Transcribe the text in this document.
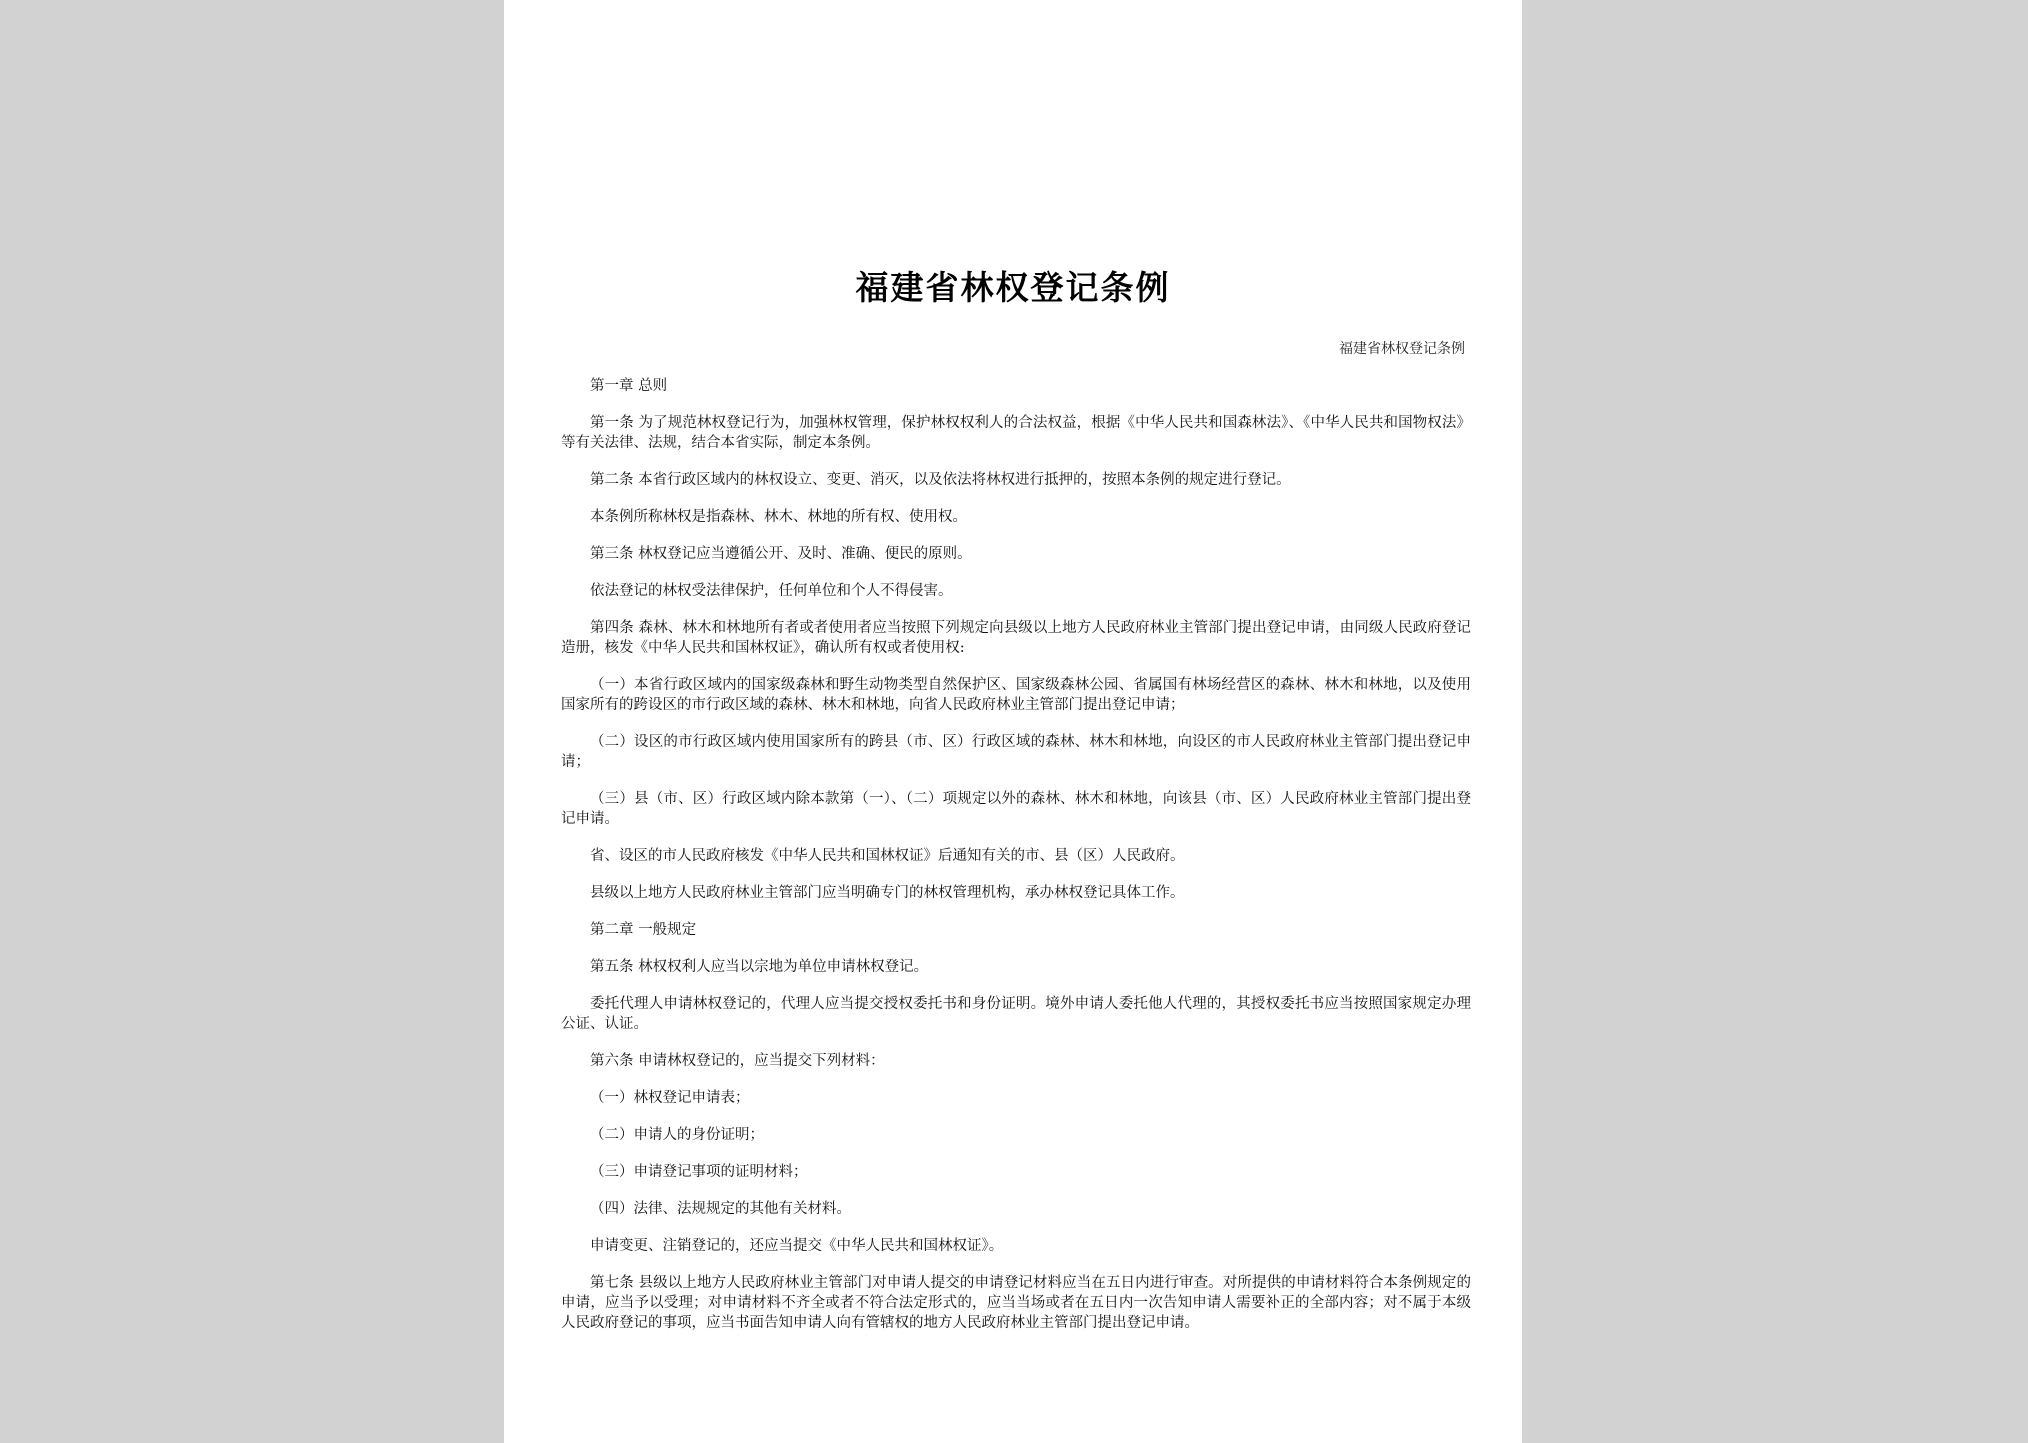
福建省林权登记条例
福建省林权登记条例

第一章 总则

第一条 为了规范林权登记行为，加强林权管理，保护林权权利人的合法权益，根据《中华人民共和国森林法》、《中华人民共和国物权法》等有关法律、法规，结合本省实际，制定本条例。

第二条 本省行政区域内的林权设立、变更、消灭，以及依法将林权进行抵押的，按照本条例的规定进行登记。

本条例所称林权是指森林、林木、林地的所有权、使用权。

第三条 林权登记应当遵循公开、及时、准确、便民的原则。

依法登记的林权受法律保护，任何单位和个人不得侵害。

第四条 森林、林木和林地所有者或者使用者应当按照下列规定向县级以上地方人民政府林业主管部门提出登记申请，由同级人民政府登记造册，核发《中华人民共和国林权证》，确认所有权或者使用权:

（一）本省行政区域内的国家级森林和野生动物类型自然保护区、国家级森林公园、省属国有林场经营区的森林、林木和林地，以及使用国家所有的跨设区的市行政区域的森林、林木和林地，向省人民政府林业主管部门提出登记申请；

（二）设区的市行政区域内使用国家所有的跨县（市、区）行政区域的森林、林木和林地，向设区的市人民政府林业主管部门提出登记申请；

（三）县（市、区）行政区域内除本款第（一）、（二）项规定以外的森林、林木和林地，向该县（市、区）人民政府林业主管部门提出登记申请。

省、设区的市人民政府核发《中华人民共和国林权证》后通知有关的市、县（区）人民政府。

县级以上地方人民政府林业主管部门应当明确专门的林权管理机构，承办林权登记具体工作。

第二章 一般规定

第五条 林权权利人应当以宗地为单位申请林权登记。

委托代理人申请林权登记的，代理人应当提交授权委托书和身份证明。境外申请人委托他人代理的，其授权委托书应当按照国家规定办理公证、认证。

第六条 申请林权登记的，应当提交下列材料：

（一）林权登记申请表；

（二）申请人的身份证明；

（三）申请登记事项的证明材料；

（四）法律、法规规定的其他有关材料。

申请变更、注销登记的，还应当提交《中华人民共和国林权证》。

第七条 县级以上地方人民政府林业主管部门对申请人提交的申请登记材料应当在五日内进行审查。对所提供的申请材料符合本条例规定的申请，应当予以受理；对申请材料不齐全或者不符合法定形式的，应当当场或者在五日内一次告知申请人需要补正的全部内容；对不属于本级人民政府登记的事项，应当书面告知申请人向有管辖权的地方人民政府林业主管部门提出登记申请。
